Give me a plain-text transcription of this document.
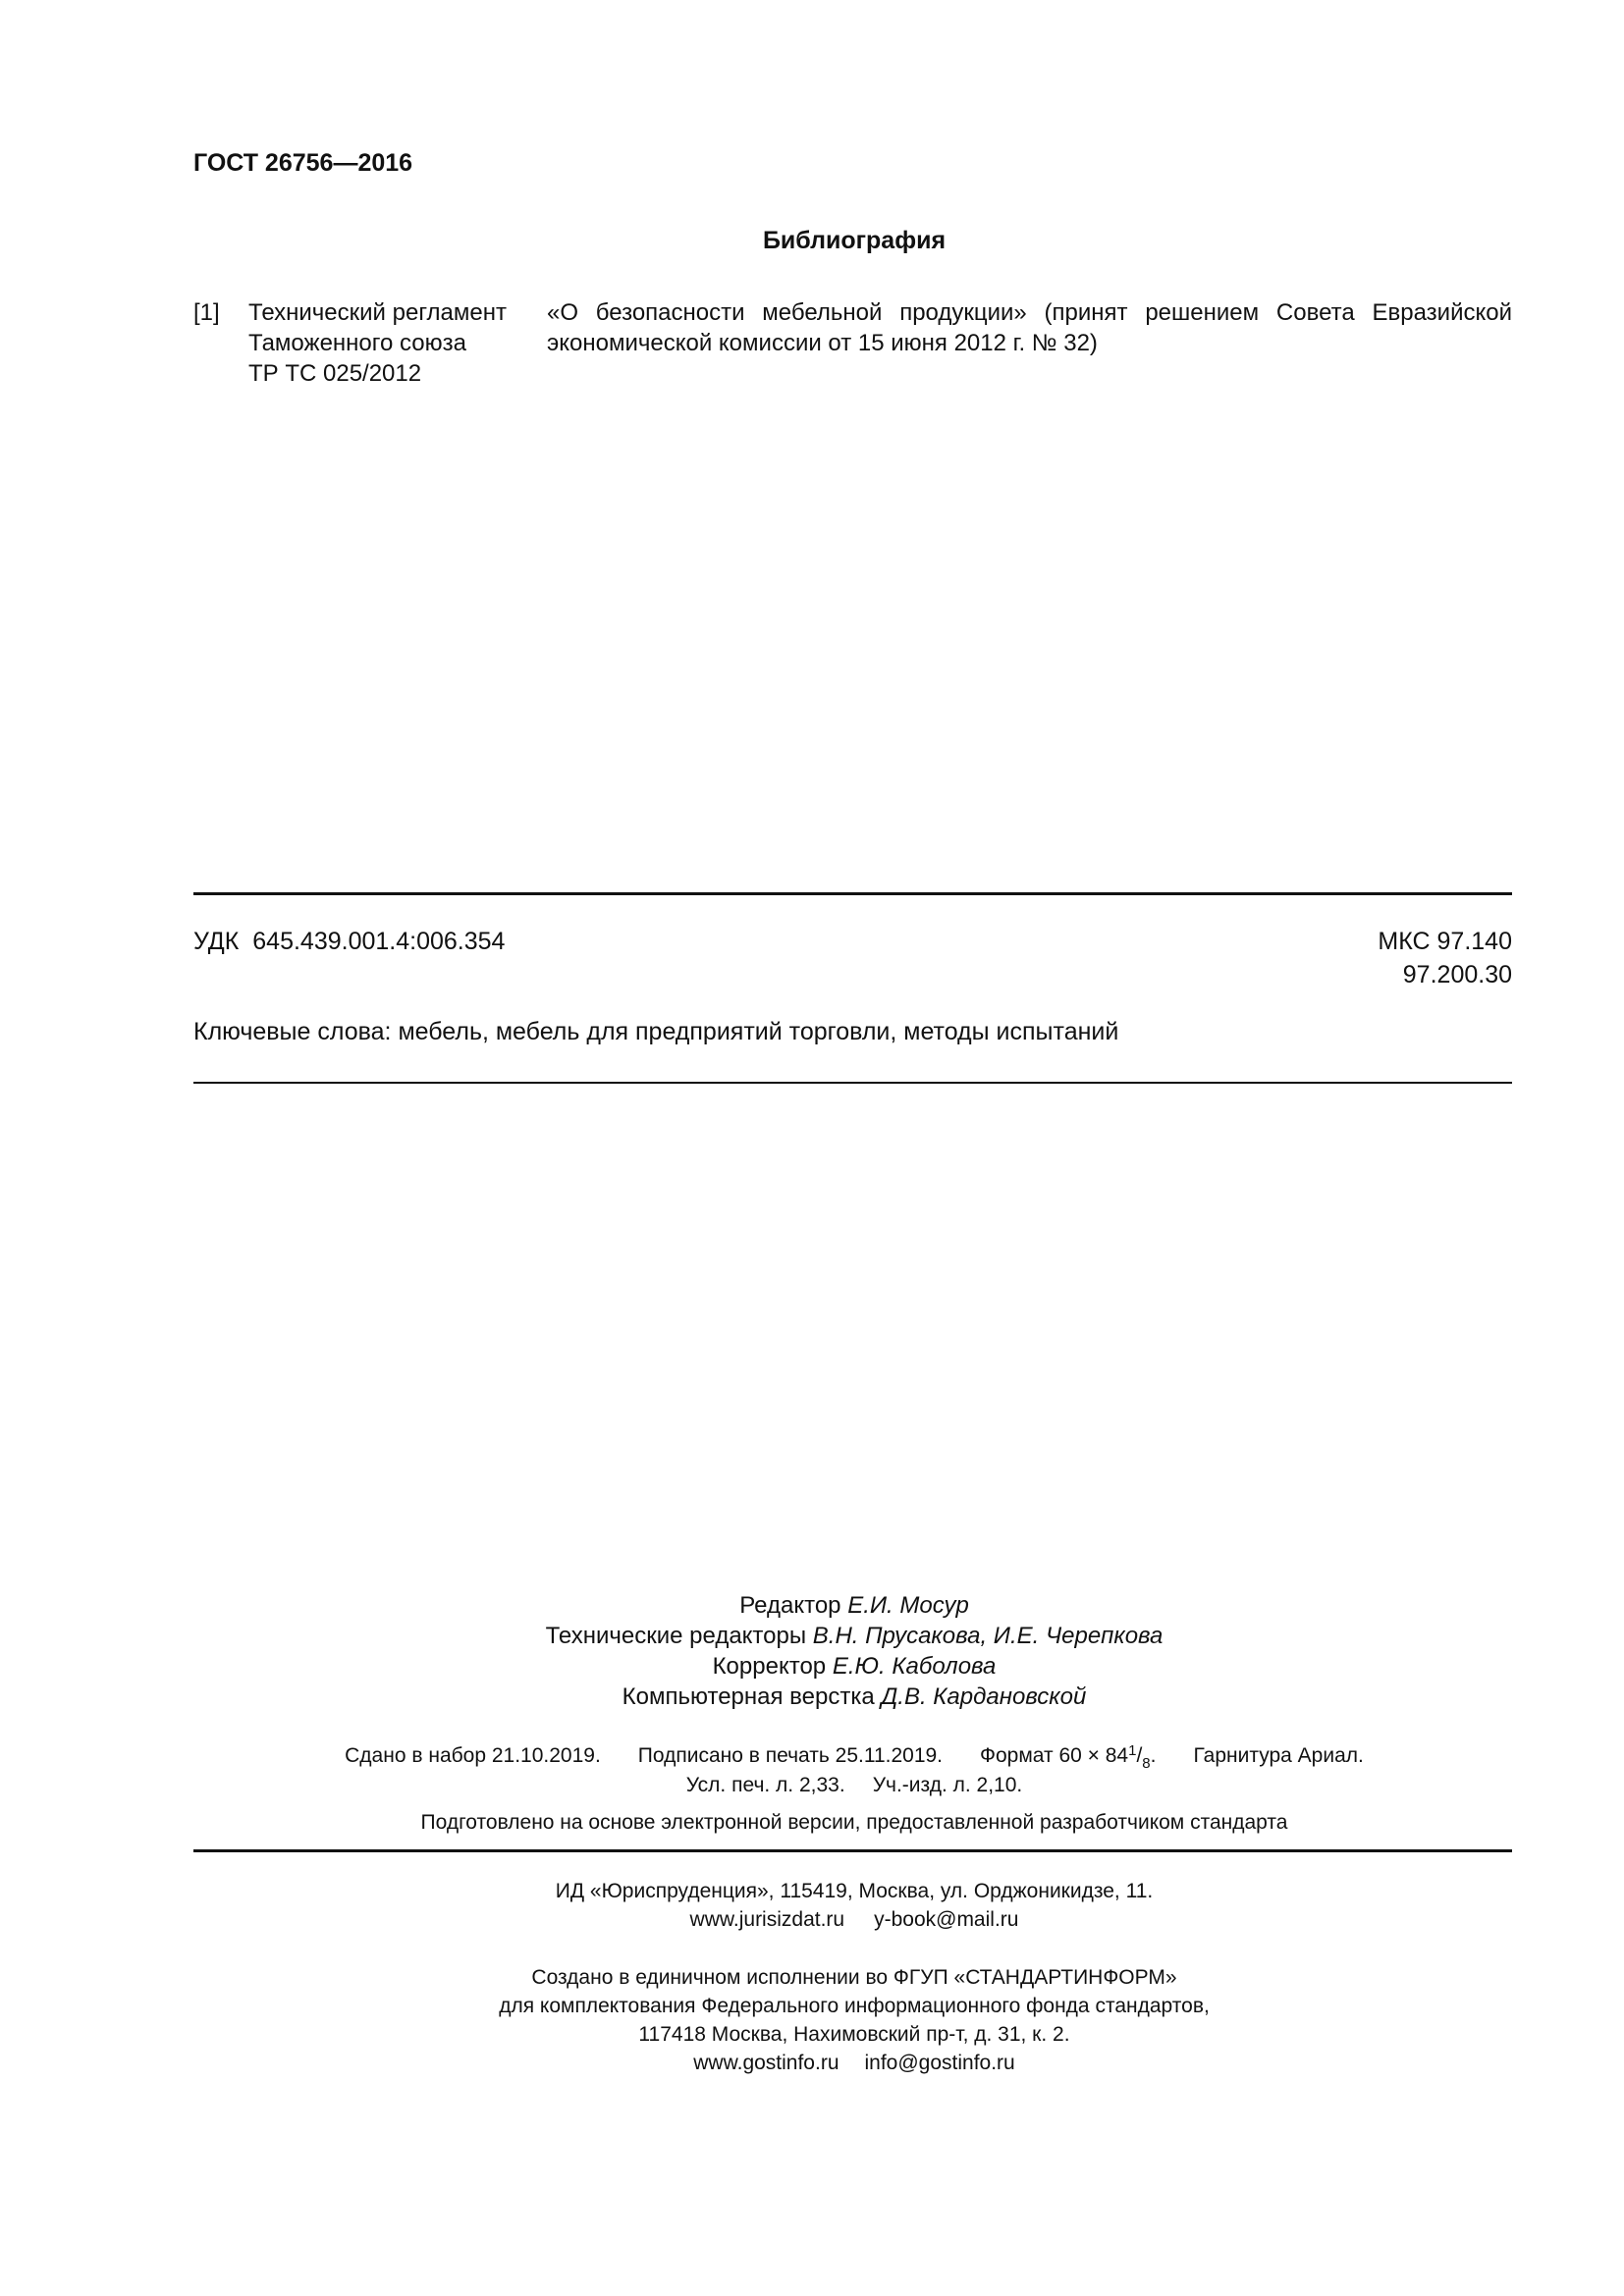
ГОСТ 26756—2016
Библиография
[1] Технический регламент
Таможенного союза
ТР ТС 025/2012
«О безопасности мебельной продукции» (принят решением Совета Евразийской экономической комиссии от 15 июня 2012 г. № 32)
УДК 645.439.001.4:006.354	МКС 97.140
97.200.30
Ключевые слова: мебель, мебель для предприятий торговли, методы испытаний
Редактор Е.И. Мосур
Технические редакторы В.Н. Прусакова, И.Е. Черепкова
Корректор Е.Ю. Каболова
Компьютерная верстка Д.В. Кардановской
Сдано в набор 21.10.2019. Подписано в печать 25.11.2019. Формат $60 \times 84^1/_8$. Гарнитура Ариал.
Усл. печ. л. 2,33. Уч.-изд. л. 2,10.
Подготовлено на основе электронной версии, предоставленной разработчиком стандарта
ИД «Юриспруденция», 115419, Москва, ул. Орджоникидзе, 11.
www.jurisizdat.ru y-book@mail.ru
Создано в единичном исполнении во ФГУП «СТАНДАРТИНФОРМ»
для комплектования Федерального информационного фонда стандартов,
117418 Москва, Нахимовский пр-т, д. 31, к. 2.
www.gostinfo.ru info@gostinfo.ru
